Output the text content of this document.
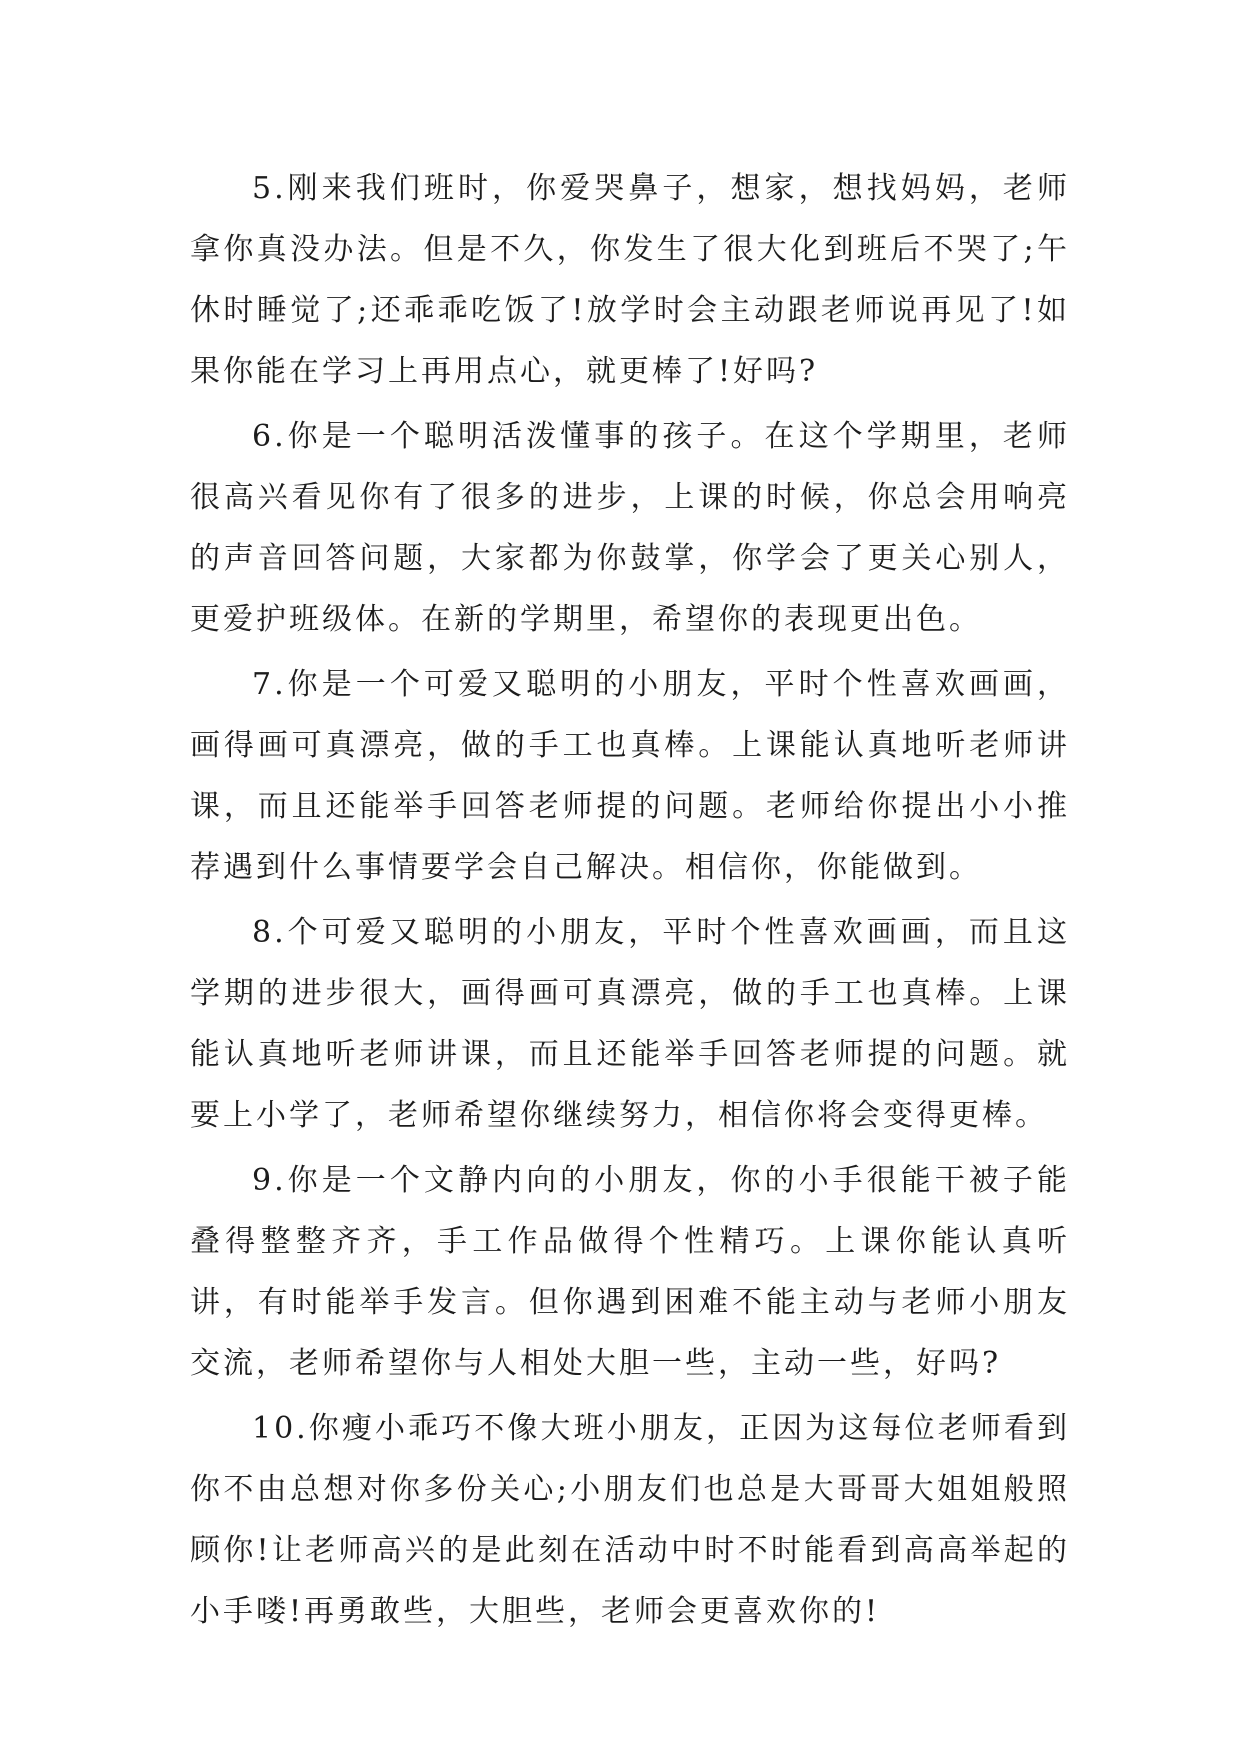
5.刚来我们班时，你爱哭鼻子，想家，想找妈妈，老师拿你真没办法。但是不久，你发生了很大化到班后不哭了;午休时睡觉了;还乖乖吃饭了!放学时会主动跟老师说再见了!如果你能在学习上再用点心，就更棒了!好吗?

6.你是一个聪明活泼懂事的孩子。在这个学期里，老师很高兴看见你有了很多的进步，上课的时候，你总会用响亮的声音回答问题，大家都为你鼓掌，你学会了更关心别人，更爱护班级体。在新的学期里，希望你的表现更出色。

7.你是一个可爱又聪明的小朋友，平时个性喜欢画画，画得画可真漂亮，做的手工也真棒。上课能认真地听老师讲课，而且还能举手回答老师提的问题。老师给你提出小小推荐遇到什么事情要学会自己解决。相信你，你能做到。

8.个可爱又聪明的小朋友，平时个性喜欢画画，而且这学期的进步很大，画得画可真漂亮，做的手工也真棒。上课能认真地听老师讲课，而且还能举手回答老师提的问题。就要上小学了，老师希望你继续努力，相信你将会变得更棒。

9.你是一个文静内向的小朋友，你的小手很能干被子能叠得整整齐齐，手工作品做得个性精巧。上课你能认真听讲，有时能举手发言。但你遇到困难不能主动与老师小朋友交流，老师希望你与人相处大胆一些，主动一些，好吗?

10.你瘦小乖巧不像大班小朋友，正因为这每位老师看到你不由总想对你多份关心;小朋友们也总是大哥哥大姐姐般照顾你!让老师高兴的是此刻在活动中时不时能看到高高举起的小手喽!再勇敢些，大胆些，老师会更喜欢你的!
